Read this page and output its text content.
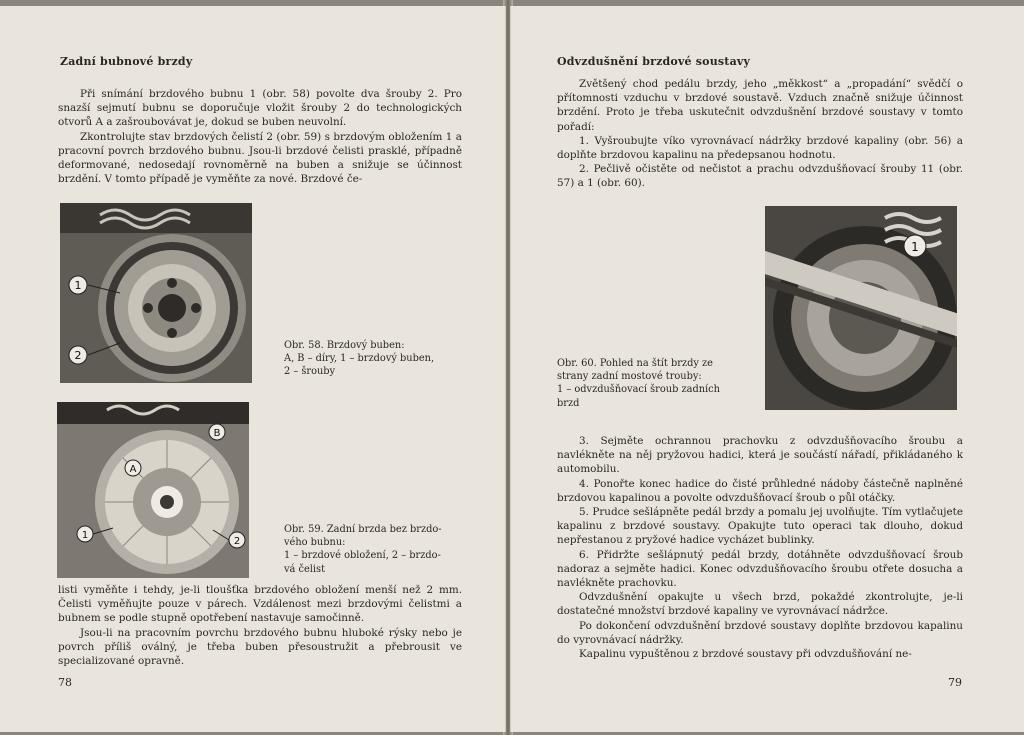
Zadní bubnové brzdy

Při snímání brzdového bubnu 1 (obr. 58) povolte dva šrouby 2. Pro snazší sejmutí bubnu se doporučuje vložit šrouby 2 do technologických otvorů A a zašroubovávat je, dokud se buben neuvolní.

Zkontrolujte stav brzdových čelistí 2 (obr. 59) s brzdovým obložením 1 a pracovní povrch brzdového bubnu. Jsou-li brzdové čelisti prasklé, případně deformované, nedosedají rovnoměrně na buben a snižuje se účinnost brzdění. V tomto případě je vyměňte za nové. Brzdové če-

1
2

Obr. 58. Brzdový buben:

A, B – díry, 1 – brzdový buben,

2 – šrouby

1
2
A
B

Obr. 59. Zadní brzda bez brzdo-

vého bubnu:

1 – brzdové obložení, 2 – brzdo-

vá čelist

listi vyměňte i tehdy, je-li tloušťka brzdového obložení menší než 2 mm. Čelisti vyměňujte pouze v párech. Vzdálenost mezi brzdovými čelistmi a bubnem se podle stupně opotřebení nastavuje samočinně.

Jsou-li na pracovním povrchu brzdového bubnu hluboké rýsky nebo je povrch příliš oválný, je třeba buben přesoustružit a přebrousit ve specializované opravně.

78
Odvzdušnění brzdové soustavy

Zvětšený chod pedálu brzdy, jeho „měkkost“ a „propadání“ svědčí o přítomnosti vzduchu v brzdové soustavě. Vzduch značně snižuje účinnost brzdění. Proto je třeba uskutečnit odvzdušnění brzdové soustavy v tomto pořadí:

1. Vyšroubujte víko vyrovnávací nádržky brzdové kapaliny (obr. 56) a doplňte brzdovou kapalinu na předepsanou hodnotu.

2. Pečlivě očistěte od nečistot a prachu odvzdušňovací šrouby 11 (obr. 57) a 1 (obr. 60).

1

Obr. 60. Pohled na štít brzdy ze

strany zadní mostové trouby:

1 – odvzdušňovací šroub zadních

brzd

3. Sejměte ochrannou prachovku z odvzdušňovacího šroubu a navlékněte na něj pryžovou hadici, která je součástí nářadí, přikládaného k automobilu.

4. Ponořte konec hadice do čisté průhledné nádoby částečně naplněné brzdovou kapalinou a povolte odvzdušňovací šroub o půl otáčky.

5. Prudce sešlápněte pedál brzdy a pomalu jej uvolňujte. Tím vytlačujete kapalinu z brzdové soustavy. Opakujte tuto operaci tak dlouho, dokud nepřestanou z pryžové hadice vycházet bublinky.

6. Přidržte sešlápnutý pedál brzdy, dotáhněte odvzdušňovací šroub nadoraz a sejměte hadici. Konec odvzdušňovacího šroubu otřete dosucha a navlékněte prachovku.

Odvzdušnění opakujte u všech brzd, pokaždé zkontrolujte, je-li dostatečné množství brzdové kapaliny ve vyrovnávací nádržce.

Po dokončení odvzdušnění brzdové soustavy doplňte brzdovou kapalinu do vyrovnávací nádržky.

Kapalinu vypuštěnou z brzdové soustavy při odvzdušňování ne-

79
